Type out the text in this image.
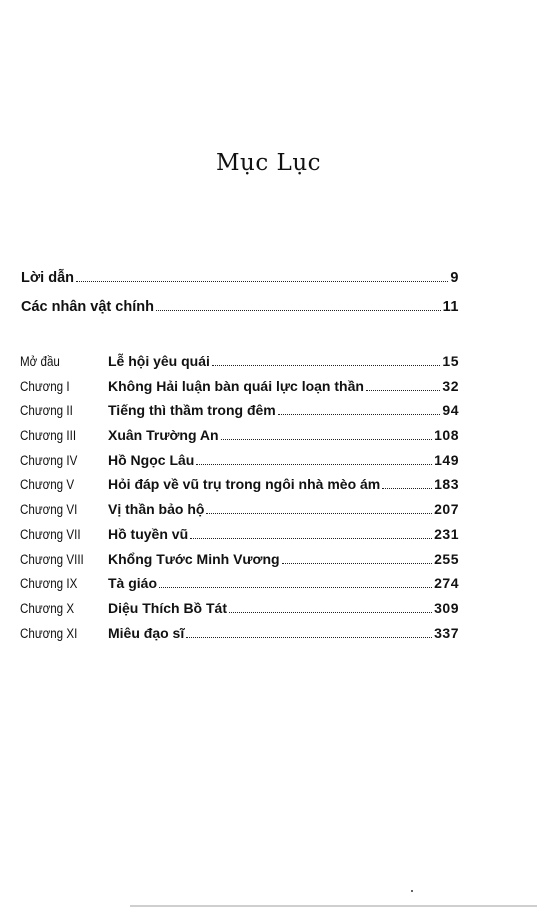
Mục Lục
Lời dẫn	9
Các nhân vật chính	11
Mở đầu	Lễ hội yêu quái	15
Chương I	Không Hải luận bàn quái lực loạn thần	32
Chương II	Tiếng thì thầm trong đêm	94
Chương III	Xuân Trường An	108
Chương IV	Hồ Ngọc Lâu	149
Chương V	Hỏi đáp về vũ trụ trong ngôi nhà mèo ám	183
Chương VI	Vị thần bảo hộ	207
Chương VII	Hồ tuyền vũ	231
Chương VIII	Khổng Tước Minh Vương	255
Chương IX	Tà giáo	274
Chương X	Diệu Thích Bồ Tát	309
Chương XI	Miêu đạo sĩ	337
